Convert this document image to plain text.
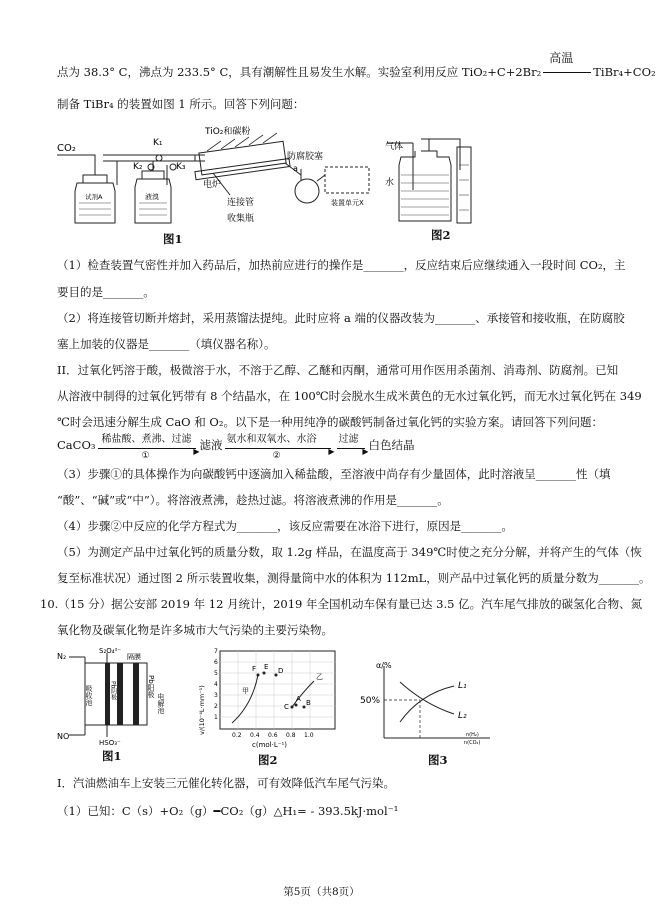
点为 38.3° C，沸点为 233.5° C，具有潮解性且易发生水解。实验室利用反应 TiO₂+C+2Br₂
高温
TiBr₄+CO₂
制备 TiBr₄ 的装置如图 1 所示。回答下列问题：
CO₂	K₁
K₂	K₃
TiO₂和碳粉
防腐胶塞
电炉
连接管
收集瓶
装置单元X
a
试剂A	液溴
图1
气体
水
图2
（1）检查装置气密性并加入药品后，加热前应进行的操作是_______，反应结束后应继续通入一段时间 CO₂，主
要目的是_______。
（2）将连接管切断并熔封，采用蒸馏法提纯。此时应将 a 端的仪器改装为_______、承接管和接收瓶，在防腐胶
塞上加装的仪器是_______（填仪器名称）。
II．过氧化钙溶于酸，极微溶于水，不溶于乙醇、乙醚和丙酮，通常可用作医用杀菌剂、消毒剂、防腐剂。已知
从溶液中制得的过氧化钙带有 8 个结晶水，在 100℃时会脱水生成米黄色的无水过氧化钙，而无水过氧化钙在 349
℃时会迅速分解生成 CaO 和 O₂。以下是一种用纯净的碳酸钙制备过氧化钙的实验方案。请回答下列问题：
CaCO₃ 稀盐酸、煮沸、过滤
▶
①
滤液 氨水和双氧水、水浴
▶
②
过滤
▶ 白色结晶
（3）步骤①的具体操作为向碳酸钙中逐滴加入稀盐酸，至溶液中尚存有少量固体，此时溶液呈_______性（填
“酸”、“碱”或“中”）。将溶液煮沸，趁热过滤。将溶液煮沸的作用是_______。
（4）步骤②中反应的化学方程式为_______，该反应需要在冰浴下进行，原因是_______。
（5）为测定产品中过氧化钙的质量分数，取 1.2g 样品，在温度高于 349℃时使之充分分解，并将产生的气体（恢
复至标准状况）通过图 2 所示装置收集，测得量筒中水的体积为 112mL，则产品中过氧化钙的质量分数为_______。
10.（15 分）据公安部 2019 年 12 月统计，2019 年全国机动车保有量已达 3.5 亿。汽车尾气排放的碳氢化合物、氮
氧化物及碳氧化物是许多城市大气污染的主要污染物。
N₂
S₂O₄²⁻
隔膜
吸收池	Pb阴极	Pb阳极
电解池
NO
HSO₃⁻
图1
F E D
A B
C
甲
乙
0.2 0.4 0.6 0.8 1.0
1
2
3
4
5
6
7
c(mol·L⁻¹)
v/(10⁻⁴L·mm⁻¹)
图2
α/%
50%
L₁
L₂
n(H₂)
n(CO₂)
图3
Ⅰ．汽油燃油车上安装三元催化转化器，可有效降低汽车尾气污染。
（1）已知：C（s）+O₂（g）━CO₂（g）△H₁= - 393.5kJ·mol⁻¹
第5页（共8页）
